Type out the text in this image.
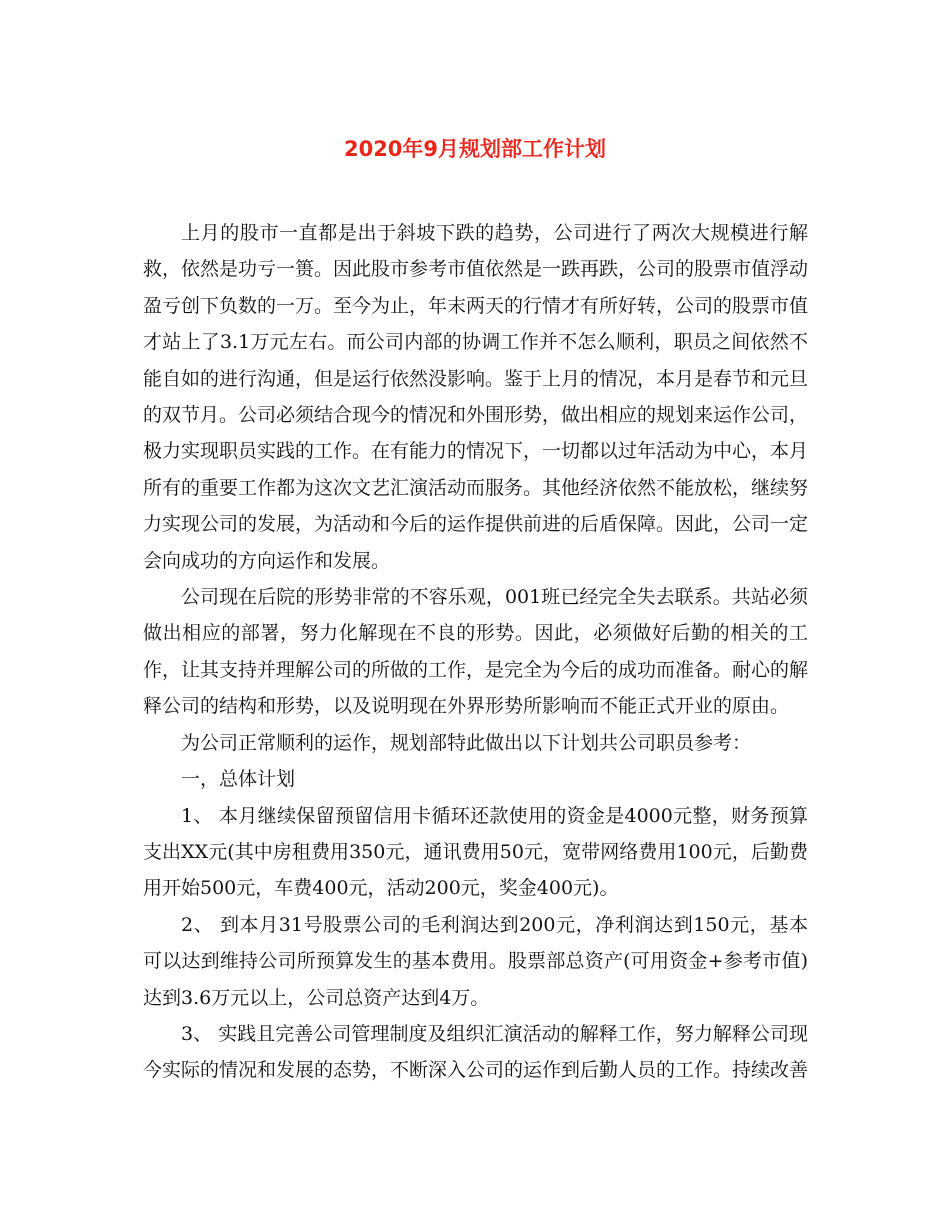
2020年9月规划部工作计划

上月的股市一直都是出于斜坡下跌的趋势，公司进行了两次大规模进行解救，依然是功亏一篑。因此股市参考市值依然是一跌再跌，公司的股票市值浮动盈亏创下负数的一万。至今为止，年末两天的行情才有所好转，公司的股票市值才站上了3.1万元左右。而公司内部的协调工作并不怎么顺利，职员之间依然不能自如的进行沟通，但是运行依然没影响。鉴于上月的情况，本月是春节和元旦的双节月。公司必须结合现今的情况和外围形势，做出相应的规划来运作公司，极力实现职员实践的工作。在有能力的情况下，一切都以过年活动为中心，本月所有的重要工作都为这次文艺汇演活动而服务。其他经济依然不能放松，继续努力实现公司的发展，为活动和今后的运作提供前进的后盾保障。因此，公司一定会向成功的方向运作和发展。

公司现在后院的形势非常的不容乐观，001班已经完全失去联系。共站必须做出相应的部署，努力化解现在不良的形势。因此，必须做好后勤的相关的工作，让其支持并理解公司的所做的工作，是完全为今后的成功而准备。耐心的解释公司的结构和形势，以及说明现在外界形势所影响而不能正式开业的原由。

为公司正常顺利的运作，规划部特此做出以下计划共公司职员参考：

一，总体计划

1、 本月继续保留预留信用卡循环还款使用的资金是4000元整，财务预算支出XX元(其中房租费用350元，通讯费用50元，宽带网络费用100元，后勤费用开始500元，车费400元，活动200元，奖金400元)。

2、 到本月31号股票公司的毛利润达到200元，净利润达到150元，基本可以达到维持公司所预算发生的基本费用。股票部总资产(可用资金+参考市值)达到3.6万元以上，公司总资产达到4万。

3、 实践且完善公司管理制度及组织汇演活动的解释工作，努力解释公司现今实际的情况和发展的态势，不断深入公司的运作到后勤人员的工作。持续改善
